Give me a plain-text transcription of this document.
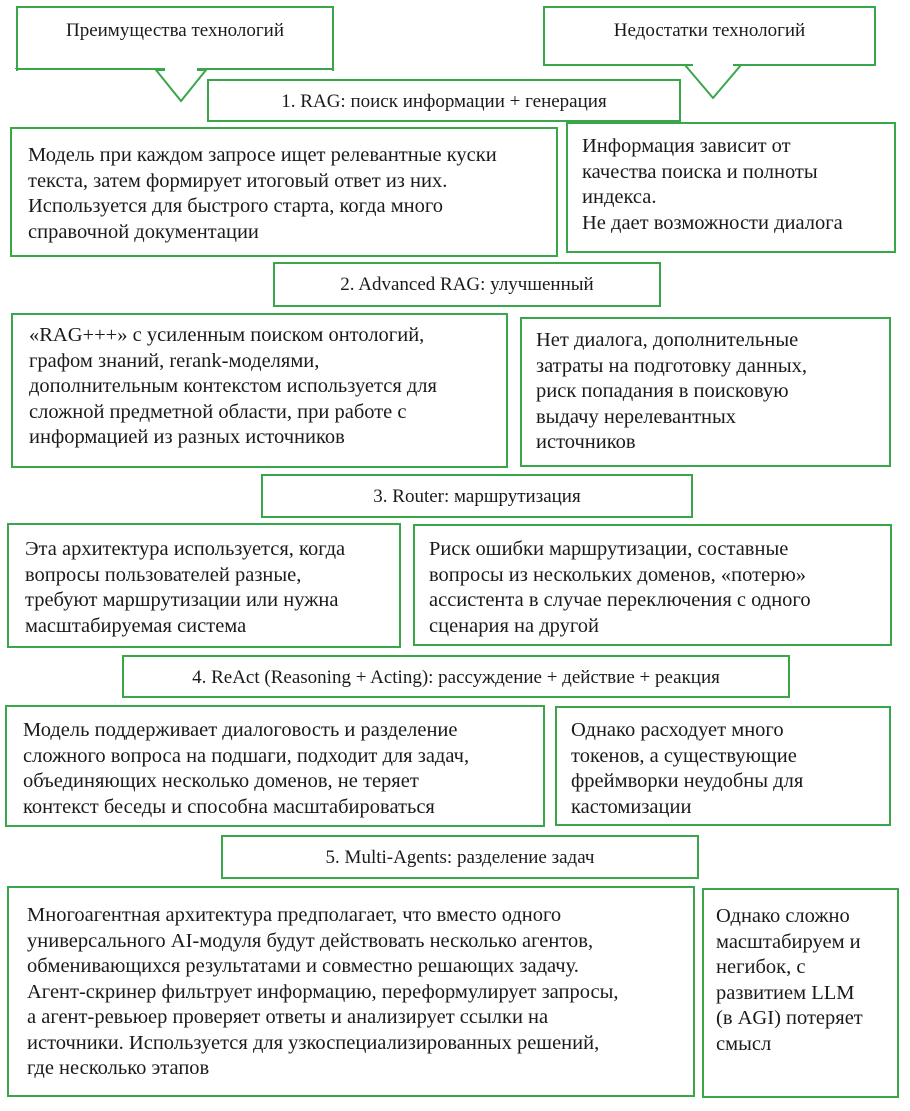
Преимущества технологий	Недостатки технологий
1. RAG: поиск информации + генерация
Модель при каждом запросе ищет релевантные куски
текста, затем формирует итоговый ответ из них.
Используется для быстрого старта, когда много
справочной документации
Информация зависит от
качества поиска и полноты
индекса.
Не дает возможности диалога
2. Advanced RAG: улучшенный
«RAG+++» с усиленным поиском онтологий,
графом знаний, rerank-моделями,
дополнительным контекстом используется для
сложной предметной области, при работе с
информацией из разных источников
Нет диалога, дополнительные
затраты на подготовку данных,
риск попадания в поисковую
выдачу нерелевантных
источников
3. Router: маршрутизация
Эта архитектура используется, когда
вопросы пользователей разные,
требуют маршрутизации или нужна
масштабируемая система
Риск ошибки маршрутизации, составные
вопросы из нескольких доменов, «потерю»
ассистента в случае переключения с одного
сценария на другой
4. ReAct (Reasoning + Acting): рассуждение + действие + реакция
Модель поддерживает диалоговость и разделение
сложного вопроса на подшаги, подходит для задач,
объединяющих несколько доменов, не теряет
контекст беседы и способна масштабироваться
Однако расходует много
токенов, а существующие
фреймворки неудобны для
кастомизации
5. Multi-Agents: разделение задач
Многоагентная архитектура предполагает, что вместо одного
универсального AI-модуля будут действовать несколько агентов,
обменивающихся результатами и совместно решающих задачу.
Агент-скринер фильтрует информацию, переформулирует запросы,
а агент-ревьюер проверяет ответы и анализирует ссылки на
источники. Используется для узкоспециализированных решений,
где несколько этапов
Однако сложно
масштабируем и
негибок, с
развитием LLM
(в AGI) потеряет
смысл
